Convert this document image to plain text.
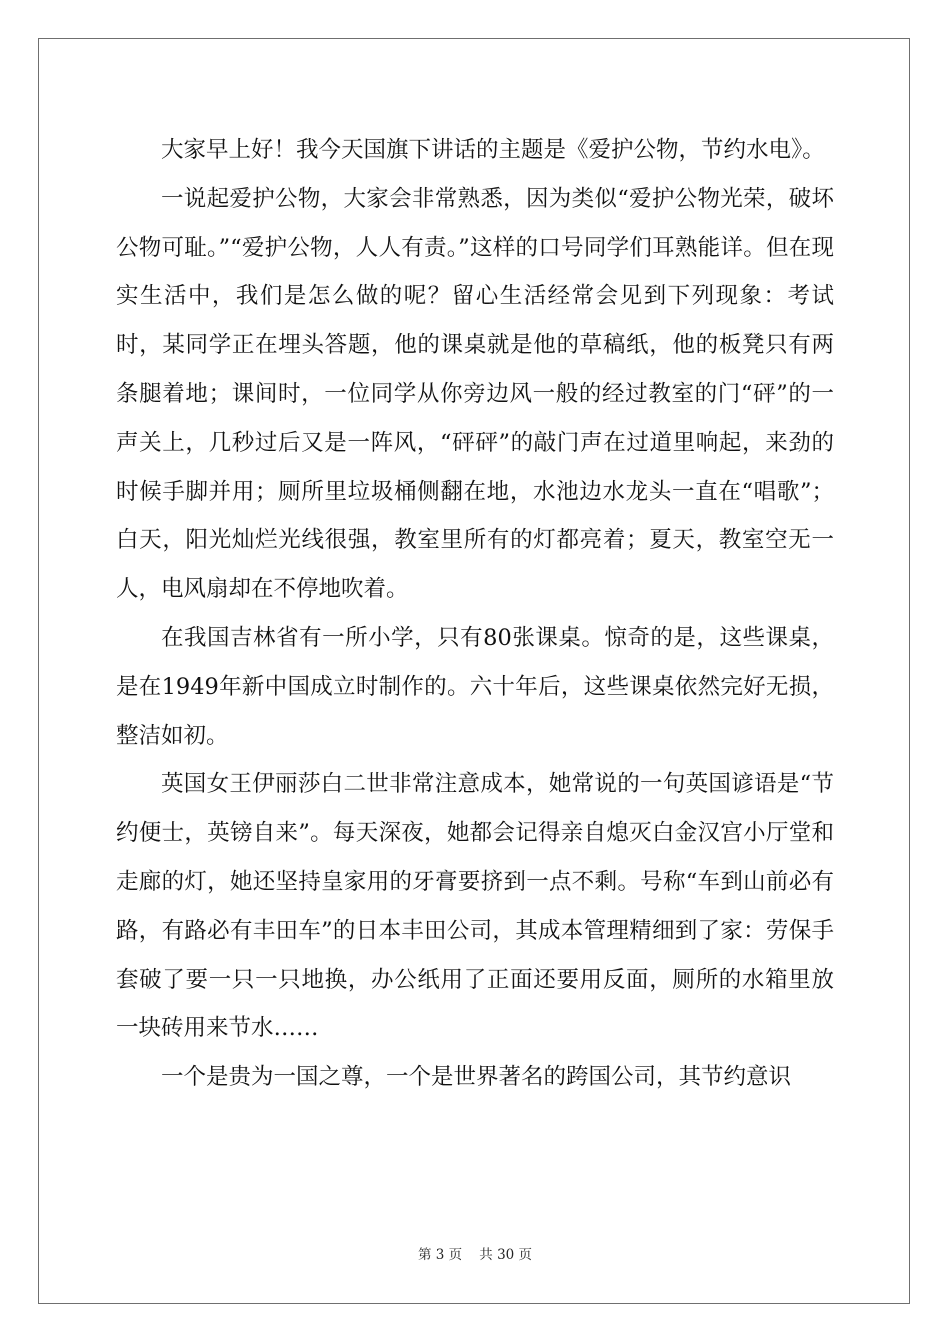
大家早上好！我今天国旗下讲话的主题是《爱护公物，节约水电》。

一说起爱护公物，大家会非常熟悉，因为类似“爱护公物光荣，破坏公物可耻。”“爱护公物，人人有责。”这样的口号同学们耳熟能详。但在现实生活中，我们是怎么做的呢？留心生活经常会见到下列现象：考试时，某同学正在埋头答题，他的课桌就是他的草稿纸，他的板凳只有两条腿着地；课间时，一位同学从你旁边风一般的经过教室的门“砰”的一声关上，几秒过后又是一阵风，“砰砰”的敲门声在过道里响起，来劲的时候手脚并用；厕所里垃圾桶侧翻在地，水池边水龙头一直在“唱歌”；白天，阳光灿烂光线很强，教室里所有的灯都亮着；夏天，教室空无一人，电风扇却在不停地吹着。

在我国吉林省有一所小学，只有80张课桌。惊奇的是，这些课桌，是在1949年新中国成立时制作的。六十年后，这些课桌依然完好无损，整洁如初。

英国女王伊丽莎白二世非常注意成本，她常说的一句英国谚语是“节约便士，英镑自来”。每天深夜，她都会记得亲自熄灭白金汉宫小厅堂和走廊的灯，她还坚持皇家用的牙膏要挤到一点不剩。号称“车到山前必有路，有路必有丰田车”的日本丰田公司，其成本管理精细到了家：劳保手套破了要一只一只地换，办公纸用了正面还要用反面，厕所的水箱里放一块砖用来节水……

一个是贵为一国之尊，一个是世界著名的跨国公司，其节约意识

第 3 页    共 30 页
